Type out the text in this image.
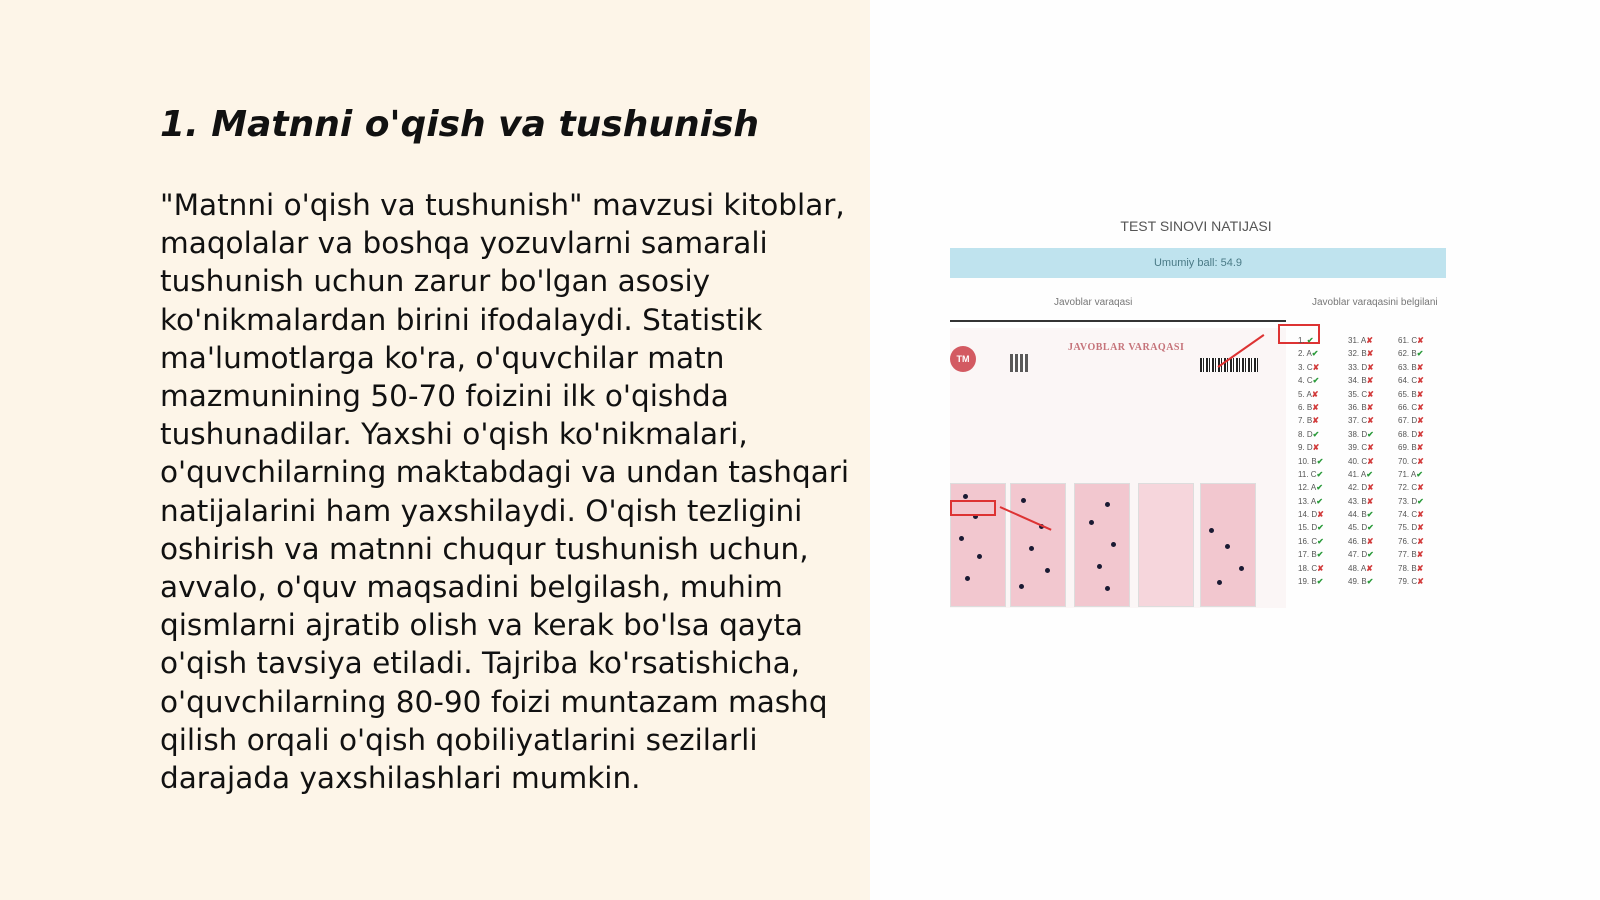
1. Matnni o'qish va tushunish

"Matnni o'qish va tushunish" mavzusi kitoblar, maqolalar va boshqa yozuvlarni samarali tushunish uchun zarur bo'lgan asosiy ko'nikmalardan birini ifodalaydi. Statistik ma'lumotlarga ko'ra, o'quvchilar matn mazmunining 50-70 foizini ilk o'qishda tushunadilar. Yaxshi o'qish ko'nikmalari, o'quvchilarning maktabdagi va undan tashqari natijalarini ham yaxshilaydi. O'qish tezligini oshirish va matnni chuqur tushunish uchun, avvalo, o'quv maqsadini belgilash, muhim qismlarni ajratib olish va kerak bo'lsa qayta o'qish tavsiya etiladi. Tajriba ko'rsatishicha, o'quvchilarning 80-90 foizi muntazam mashq qilish orqali o'qish qobiliyatlarini sezilarli darajada yaxshilashlari mumkin.

TEST SINOVI NATIJASI
Umumiy ball: 54.9
Javoblar varaqasi	Javoblar varaqasini belgilani
TM
JAVOBLAR VARAQASI
1. ✔	31. A✘	61. C✘
2. A✔	32. B✘	62. B✔
3. C✘	33. D✘	63. B✘
4. C✔	34. B✘	64. C✘
5. A✘	35. C✘	65. B✘
6. B✘	36. B✘	66. C✘
7. B✘	37. C✘	67. D✘
8. D✔	38. D✔	68. D✘
9. D✘	39. C✘	69. B✘
10. B✔	40. C✘	70. C✘
11. C✔	41. A✔	71. A✔
12. A✔	42. D✘	72. C✘
13. A✔	43. B✘	73. D✔
14. D✘	44. B✔	74. C✘
15. D✔	45. D✔	75. D✘
16. C✔	46. B✘	76. C✘
17. B✔	47. D✔	77. B✘
18. C✘	48. A✘	78. B✘
19. B✔	49. B✔	79. C✘
